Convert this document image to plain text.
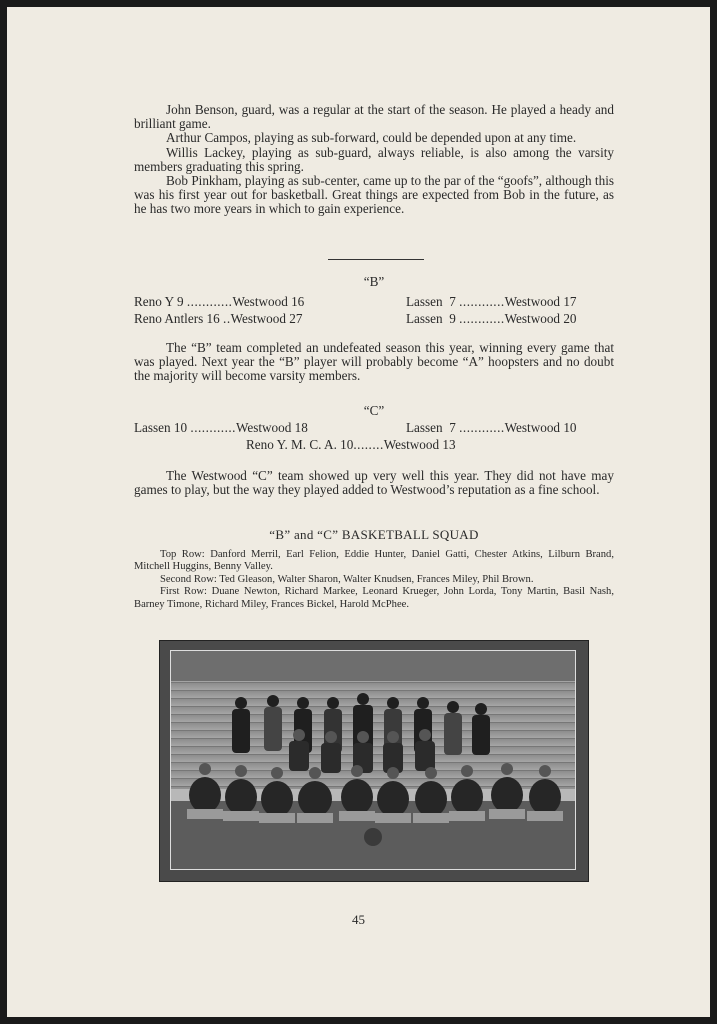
John Benson, guard, was a regular at the start of the season. He played a heady and brilliant game.

Arthur Campos, playing as sub-forward, could be depended upon at any time.

Willis Lackey, playing as sub-guard, always reliable, is also among the varsity members graduating this spring.

Bob Pinkham, playing as sub-center, came up to the par of the “goofs”, although this was his first year out for basketball. Great things are expected from Bob in the future, as he has two more years in which to gain experience.

“B”
Reno Y 9 ............Westwood 16	Lassen  7 ............Westwood 17
Reno Antlers 16 ..Westwood 27	Lassen  9 ............Westwood 20

The “B” team completed an undefeated season this year, winning every game that was played. Next year the “B” player will probably become “A” hoopsters and no doubt the majority will become varsity members.

“C”
Lassen 10 ............Westwood 18	Lassen  7 ............Westwood 10
Reno Y. M. C. A. 10........Westwood 13

The Westwood “C” team showed up very well this year. They did not have may games to play, but the way they played added to Westwood’s reputation as a fine school.

“B” and “C” BASKETBALL SQUAD

Top Row: Danford Merril, Earl Felion, Eddie Hunter, Daniel Gatti, Chester Atkins, Lilburn Brand, Mitchell Huggins, Benny Valley.

Second Row: Ted Gleason, Walter Sharon, Walter Knudsen, Frances Miley, Phil Brown.

First Row: Duane Newton, Richard Markee, Leonard Krueger, John Lorda, Tony Martin, Basil Nash, Barney Timone, Richard Miley, Frances Bickel, Harold McPhee.

45
